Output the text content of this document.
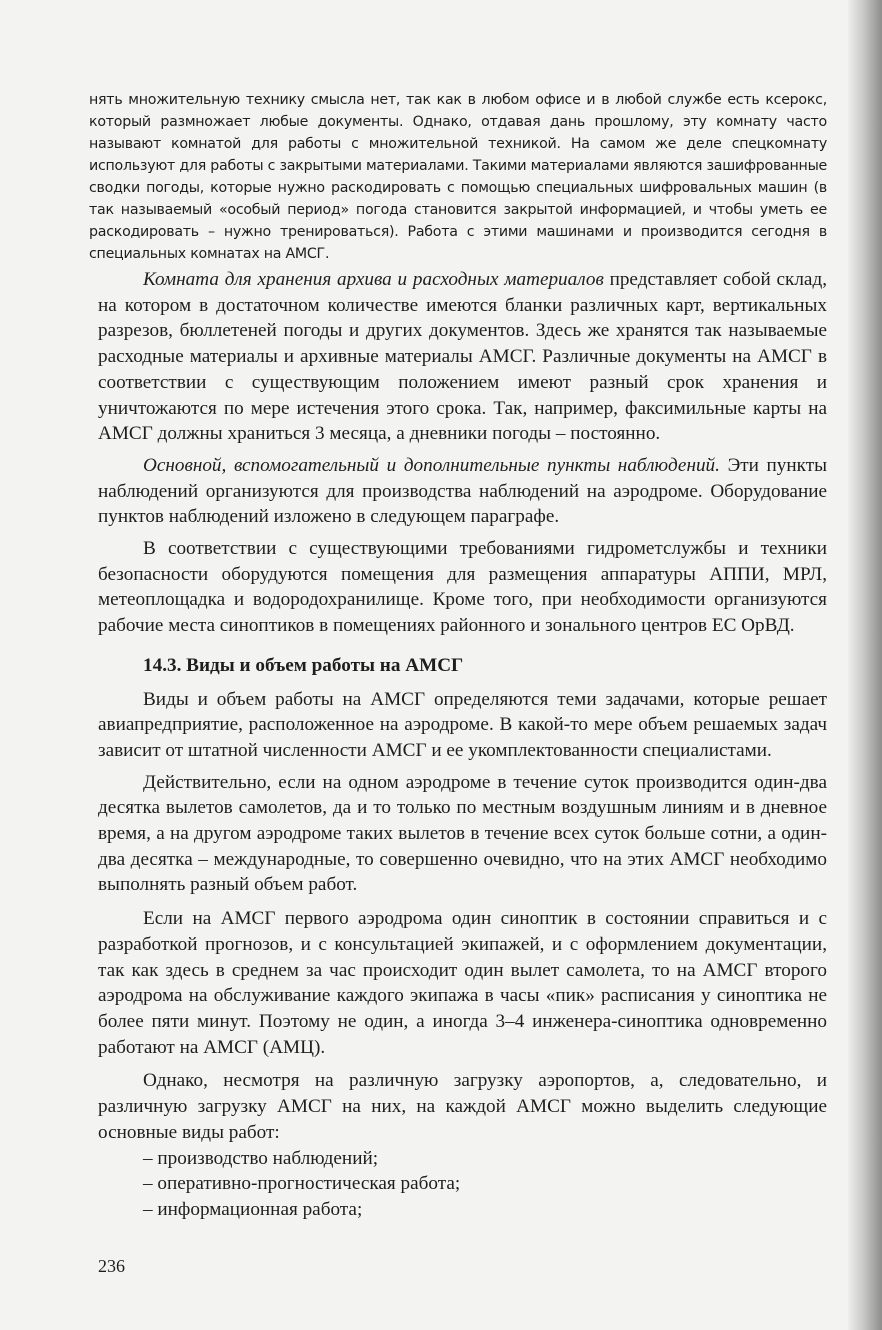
нять множительную технику смысла нет, так как в любом офисе и в любой службе есть ксерокс, который размножает любые документы. Однако, отдавая дань прошлому, эту комнату часто называют комнатой для работы с множительной техникой. На самом же деле спецкомнату используют для работы с закрытыми материалами. Такими материалами являются зашифрованные сводки погоды, которые нужно раскодировать с помощью специальных шифровальных машин (в так называемый «особый период» погода становится закрытой информацией, и чтобы уметь ее раскодировать – нужно тренироваться). Работа с этими машинами и производится сегодня в специальных комнатах на АМСГ.

Комната для хранения архива и расходных материалов представляет собой склад, на котором в достаточном количестве имеются бланки различных карт, вертикальных разрезов, бюллетеней погоды и других документов. Здесь же хранятся так называемые расходные материалы и архивные материалы АМСГ. Различные документы на АМСГ в соответствии с существующим положением имеют разный срок хранения и уничтожаются по мере истечения этого срока. Так, например, факсимильные карты на АМСГ должны храниться 3 месяца, а дневники погоды – постоянно.

Основной, вспомогательный и дополнительные пункты наблюдений. Эти пункты наблюдений организуются для производства наблюдений на аэродроме. Оборудование пунктов наблюдений изложено в следующем параграфе.

В соответствии с существующими требованиями гидрометслужбы и техники безопасности оборудуются помещения для размещения аппаратуры АППИ, МРЛ, метеоплощадка и водородохранилище. Кроме того, при необходимости организуются рабочие места синоптиков в помещениях районного и зонального центров ЕС ОрВД.

14.3. Виды и объем работы на АМСГ

Виды и объем работы на АМСГ определяются теми задачами, которые решает авиапредприятие, расположенное на аэродроме. В какой-то мере объем решаемых задач зависит от штатной численности АМСГ и ее укомплектованности специалистами.

Действительно, если на одном аэродроме в течение суток производится один-два десятка вылетов самолетов, да и то только по местным воздушным линиям и в дневное время, а на другом аэродроме таких вылетов в течение всех суток больше сотни, а один-два десятка – международные, то совершенно очевидно, что на этих АМСГ необходимо выполнять разный объем работ.

Если на АМСГ первого аэродрома один синоптик в состоянии справиться и с разработкой прогнозов, и с консультацией экипажей, и с оформлением документации, так как здесь в среднем за час происходит один вылет самолета, то на АМСГ второго аэродрома на обслуживание каждого экипажа в часы «пик» расписания у синоптика не более пяти минут. Поэтому не один, а иногда 3–4 инженера-синоптика одновременно работают на АМСГ (АМЦ).

Однако, несмотря на различную загрузку аэропортов, а, следовательно, и различную загрузку АМСГ на них, на каждой АМСГ можно выделить следующие основные виды работ:

– производство наблюдений;
– оперативно-прогностическая работа;
– информационная работа;
236
